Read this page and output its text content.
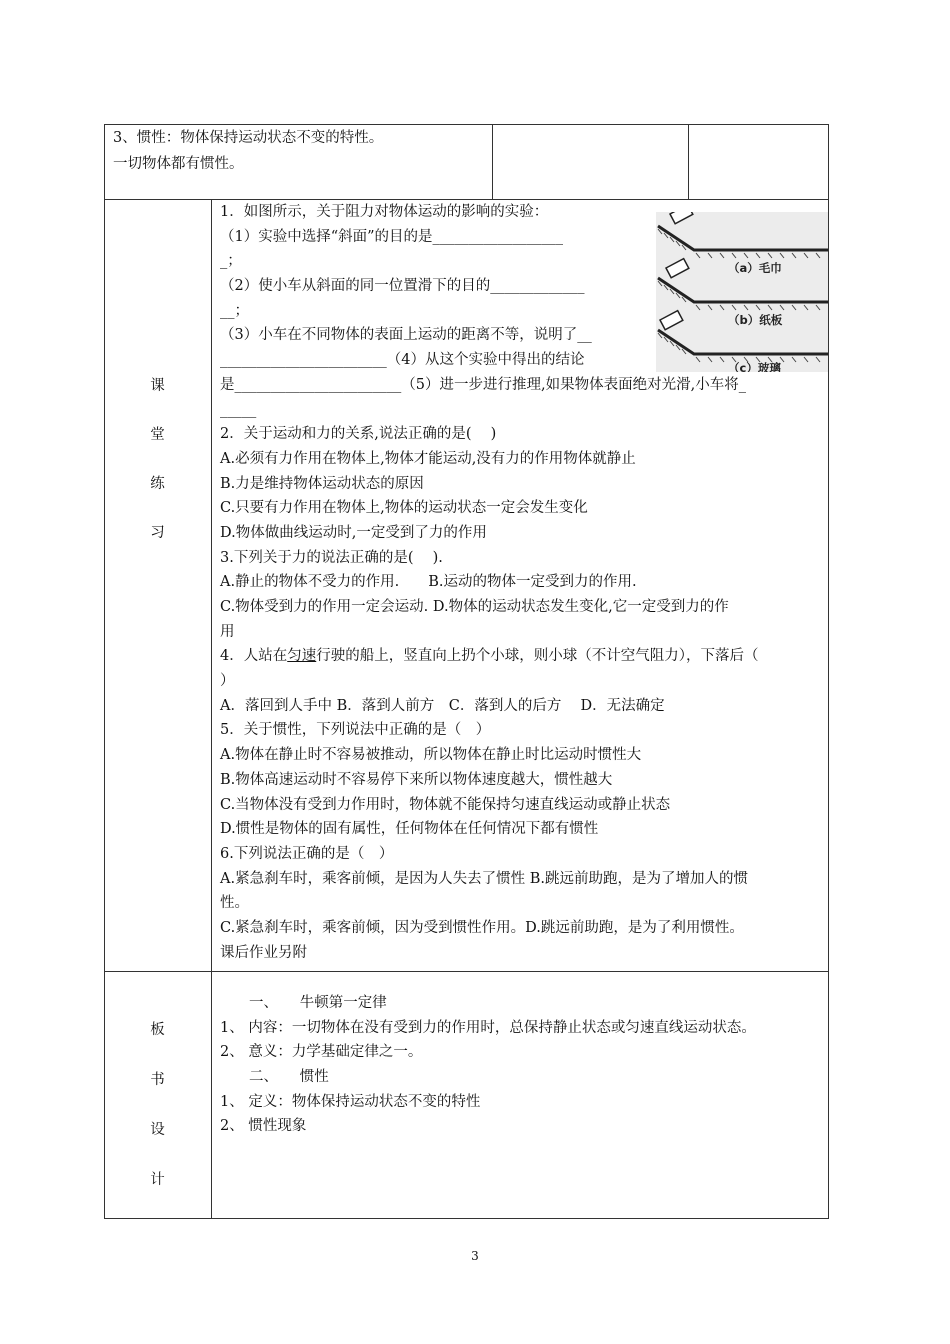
3、惯性：物体保持运动状态不变的特性。
一切物体都有惯性。
课
堂
练
习
1．如图所示，关于阻力对物体运动的影响的实验：
（1）实验中选择“斜面”的目的是__________________
_；
（2）使小车从斜面的同一位置滑下的目的_____________
__；
（3）小车在不同物体的表面上运动的距离不等，说明了__
_______________________（4）从这个实验中得出的结论
是_______________________（5）进一步进行推理,如果物体表面绝对光滑,小车将_
_____
2．关于运动和力的关系,说法正确的是(　 )
A.必须有力作用在物体上,物体才能运动,没有力的作用物体就静止
B.力是维持物体运动状态的原因
C.只要有力作用在物体上,物体的运动状态一定会发生变化
D.物体做曲线运动时,一定受到了力的作用
3.下列关于力的说法正确的是(　 ).
A.静止的物体不受力的作用.　　B.运动的物体一定受到力的作用.
C.物体受到力的作用一定会运动. D.物体的运动状态发生变化,它一定受到力的作
用
4．人站在匀速行驶的船上，竖直向上扔个小球，则小球（不计空气阻力），下落后（
）
A．落回到人手中 B．落到人前方　C．落到人的后方　 D．无法确定
5．关于惯性，下列说法中正确的是（　）
A.物体在静止时不容易被推动，所以物体在静止时比运动时惯性大
B.物体高速运动时不容易停下来所以物体速度越大，惯性越大
C.当物体没有受到力作用时，物体就不能保持匀速直线运动或静止状态
D.惯性是物体的固有属性，任何物体在任何情况下都有惯性
6.下列说法正确的是（　）
A.紧急刹车时，乘客前倾，是因为人失去了惯性 B.跳远前助跑，是为了增加人的惯
性。
C.紧急刹车时，乘客前倾，因为受到惯性作用。D.跳远前助跑，是为了利用惯性。
课后作业另附
（a）毛巾
（b）纸板
（c）玻璃
板
书
设
计
　　一、　　牛顿第一定律
1、 内容：一切物体在没有受到力的作用时，总保持静止状态或匀速直线运动状态。
2、 意义：力学基础定律之一。
　　二、　　惯性
1、 定义：物体保持运动状态不变的特性
2、 惯性现象
3
